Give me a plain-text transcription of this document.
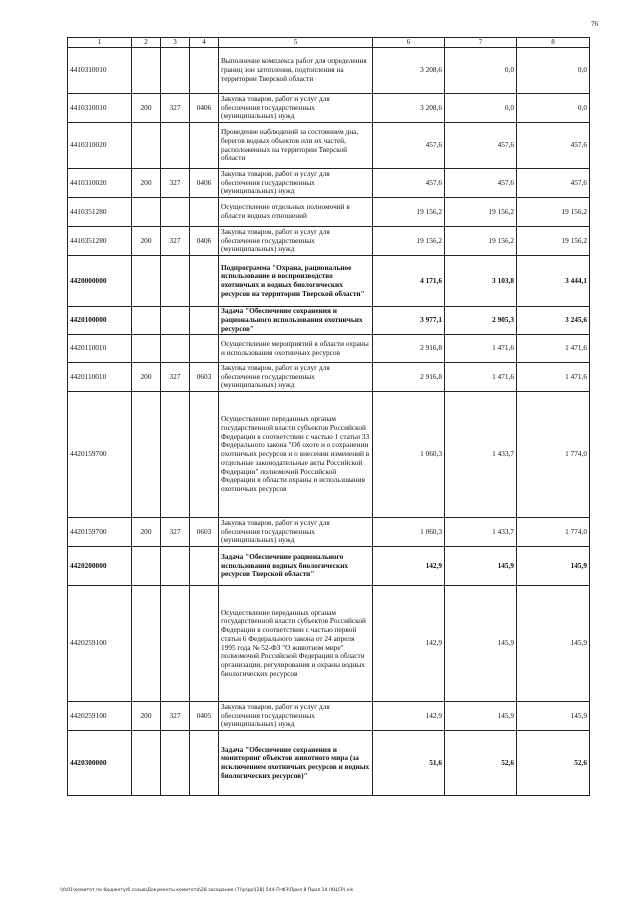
76
1	2	3	4	5	6	7	8
4410310010				Выполнение комплекса работ для определения границ зон затопления, подтопления на территории Тверской области	3 208,6	0,0	0,0
4410310010	200	327	0406	Закупка товаров, работ и услуг для обеспечения государственных (муниципальных) нужд	3 208,6	0,0	0,0
4410310020				Проведение наблюдений за состоянием дна, берегов водных объектов или их частей, расположенных на территории Тверской области	457,6	457,6	457,6
4410310020	200	327	0406	Закупка товаров, работ и услуг для обеспечения государственных (муниципальных) нужд	457,6	457,6	457,6
4410351280				Осуществление отдельных полномочий в области водных отношений	19 156,2	19 156,2	19 156,2
4410351280	200	327	0406	Закупка товаров, работ и услуг для обеспечения государственных (муниципальных) нужд	19 156,2	19 156,2	19 156,2
4420000000				Подпрограмма "Охрана, рациональное использование и воспроизводство охотничьих и водных биологических ресурсов на территории Тверской области"	4 171,6	3 103,8	3 444,1
4420100000				Задача "Обеспечение сохранения и рационального использования охотничьих ресурсов"	3 977,1	2 905,3	3 245,6
4420110010				Осуществление мероприятий в области охраны и использования охотничьих ресурсов	2 916,8	1 471,6	1 471,6
4420110010	200	327	0603	Закупка товаров, работ и услуг для обеспечения государственных (муниципальных) нужд	2 916,8	1 471,6	1 471,6
4420159700				Осуществление переданных органам государственной власти субъектов Российской Федерации в соответствии с частью 1 статьи 33 Федерального закона "Об охоте и о сохранении охотничьих ресурсов и о внесении изменений в отдельные законодательные акты Российской Федерации" полномочий Российской Федерации в области охраны и использования охотничьих ресурсов	1 060,3	1 433,7	1 774,0
4420159700	200	327	0603	Закупка товаров, работ и услуг для обеспечения государственных (муниципальных) нужд	1 060,3	1 433,7	1 774,0
4420200000				Задача "Обеспечение рационального использования водных биологических ресурсов Тверской области"	142,9	145,9	145,9
4420259100				Осуществление переданных органам государственной власти субъектов Российской Федерации в соответствии с частью первой статьи 6 Федерального закона от 24 апреля 1995 года № 52-ФЗ "О животном мире" полномочий Российской Федерации в области организации, регулирования и охраны водных биологических ресурсов	142,9	145,9	145,9
4420259100	200	327	0405	Закупка товаров, работ и услуг для обеспечения государственных (муниципальных) нужд	142,9	145,9	145,9
4420300000				Задача "Обеспечение сохранения и мониторинг объектов животного мира (за исключением охотничьих ресурсов и водных биологических ресурсов)"	51,6	52,6	52,6
\\fs01\комитет по бюджету\6 созыв\Документы комитета\28 заседание (7)\р\рр\[28] 544-П-ФЗ\Прил 8 Прил 14 (КЦСР).xls
